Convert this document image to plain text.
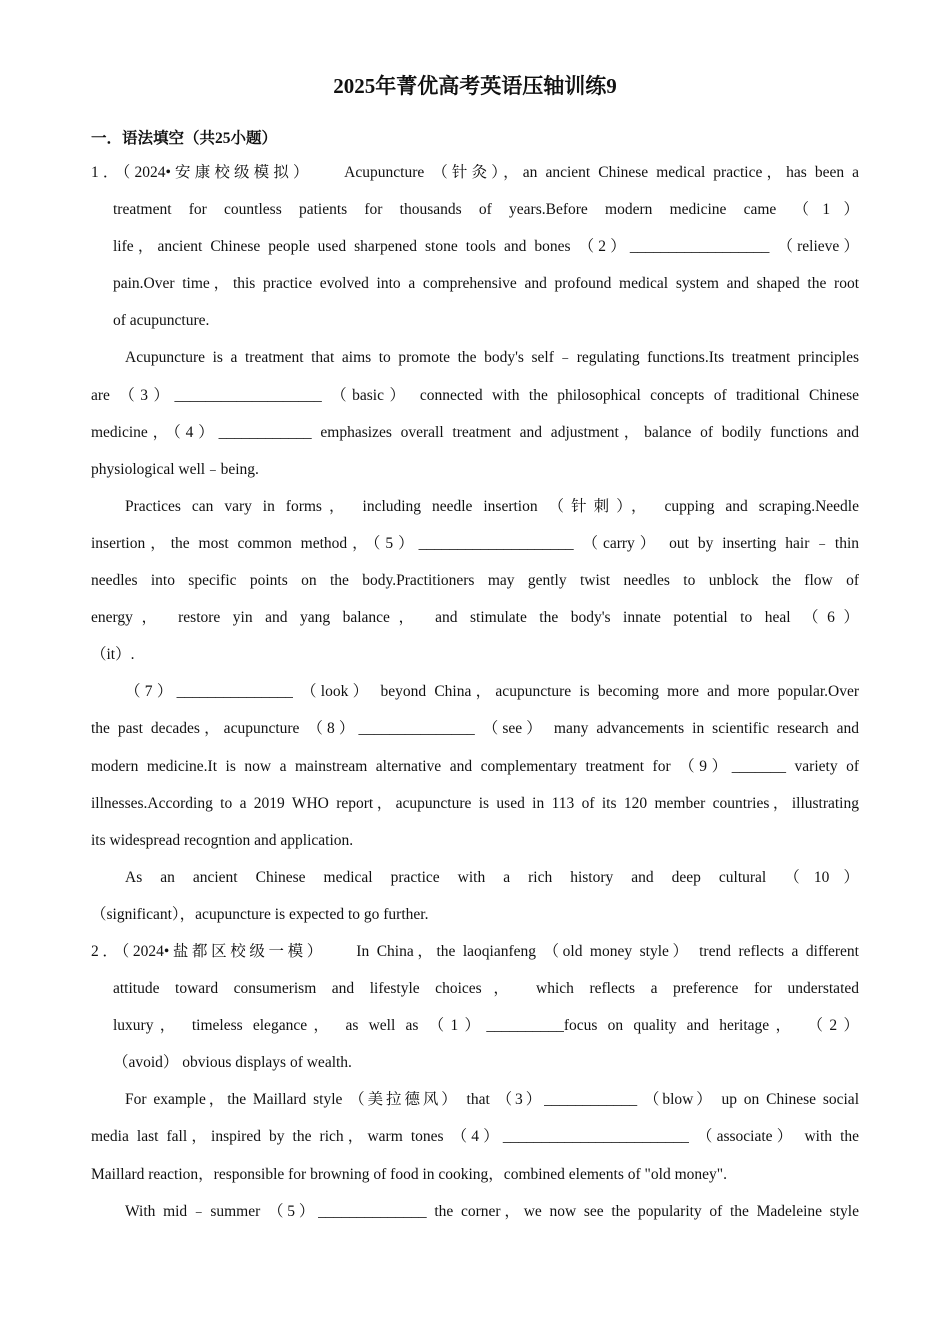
2025年菁优高考英语压轴训练9
一．语法填空（共25小题）
1．（2024•安康校级模拟）　　Acupuncture （针灸），an ancient Chinese medical practice，has been a
treatment for countless patients for thousands of years.Before modern medicine came （1）
life，ancient Chinese people used sharpened stone tools and bones （2）__________________ （relieve）
pain.Over time，this practice evolved into a comprehensive and profound medical system and shaped the root
of acupuncture.
Acupuncture is a treatment that aims to promote the body's self﹣regulating functions.Its treatment principles
are （3）___________________ （basic） connected with the philosophical concepts of traditional Chinese
medicine，（4）____________ emphasizes overall treatment and adjustment，balance of bodily functions and
physiological well﹣being.
Practices can vary in forms， including needle insertion （针刺）， cupping and scraping.Needle
insertion，the most common method，（5）____________________ （carry） out by inserting hair﹣thin
needles into specific points on the body.Practitioners may gently twist needles to unblock the flow of
energy， restore yin and yang balance， and stimulate the body's innate potential to heal （6）
（it）.
（7）_______________ （look） beyond China，acupuncture is becoming more and more popular.Over
the past decades，acupuncture （8）_______________ （see） many advancements in scientific research and
modern medicine.It is now a mainstream alternative and complementary treatment for （9）_______ variety of
illnesses.According to a 2019 WHO report，acupuncture is used in 113 of its 120 member countries，illustrating
its widespread recogntion and application.
As an ancient Chinese medical practice with a rich history and deep cultural （10）
（significant），acupuncture is expected to go further.
2．（2024•盐都区校级一模）　　In China，the laoqianfeng （old money style） trend reflects a different
attitude toward consumerism and lifestyle choices， which reflects a preference for understated
luxury， timeless elegance， as well as （1）__________focus on quality and heritage， （2）
（avoid） obvious displays of wealth.
For example，the Maillard style （美拉德风） that （3）____________ （blow） up on Chinese social
media last fall，inspired by the rich，warm tones （4）________________________ （associate） with the
Maillard reaction，responsible for browning of food in cooking，combined elements of "old money".
With mid﹣summer （5）______________ the corner，we now see the popularity of the Madeleine style
